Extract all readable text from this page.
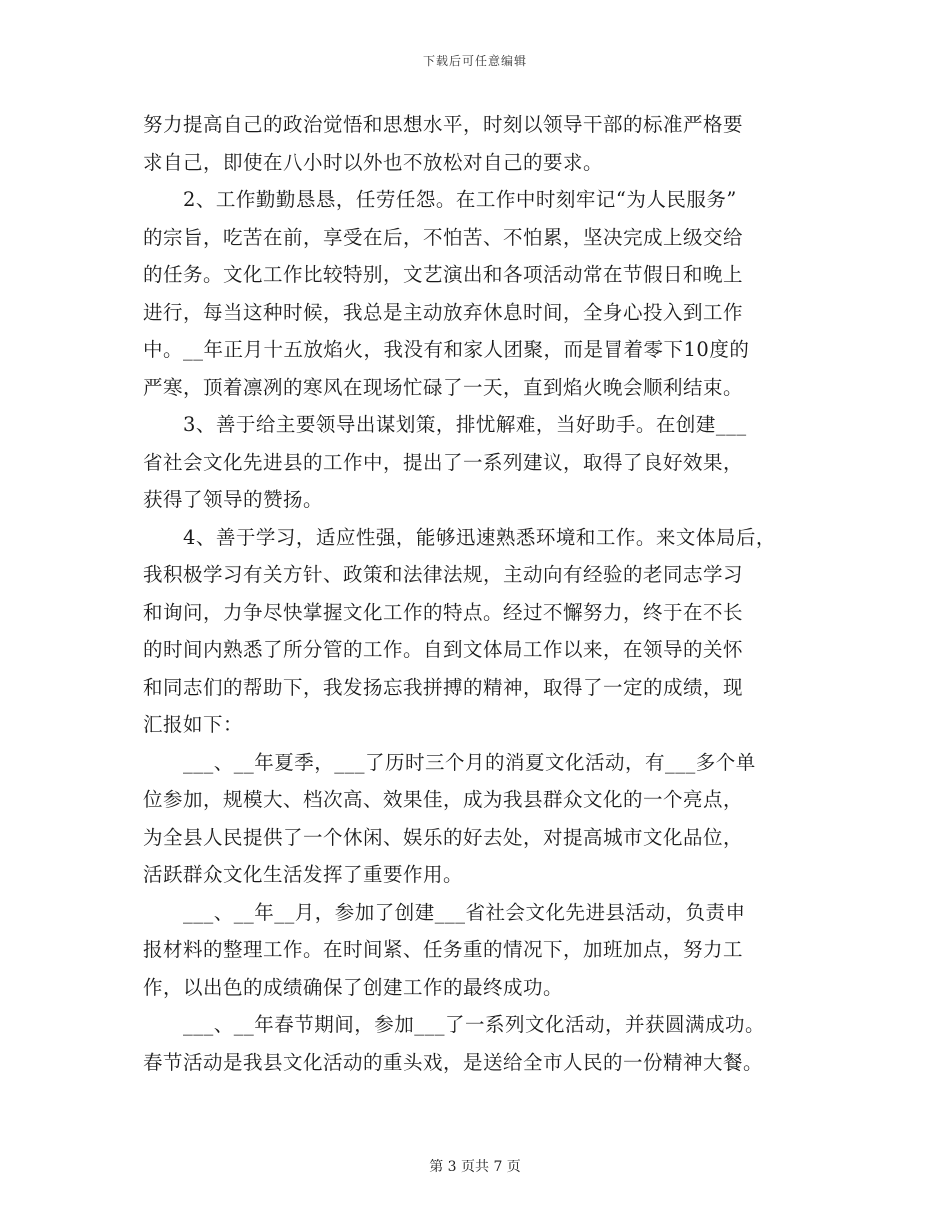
下载后可任意编辑
努力提高自己的政治觉悟和思想水平，时刻以领导干部的标准严格要
求自己，即使在八小时以外也不放松对自己的要求。
　　2、工作勤勤恳恳，任劳任怨。在工作中时刻牢记“为人民服务”
的宗旨，吃苦在前，享受在后，不怕苦、不怕累，坚决完成上级交给
的任务。文化工作比较特别，文艺演出和各项活动常在节假日和晚上
进行，每当这种时候，我总是主动放弃休息时间，全身心投入到工作
中。__年正月十五放焰火，我没有和家人团聚，而是冒着零下10度的
严寒，顶着凛冽的寒风在现场忙碌了一天，直到焰火晚会顺利结束。
　　3、善于给主要领导出谋划策，排忧解难，当好助手。在创建___
省社会文化先进县的工作中，提出了一系列建议，取得了良好效果，
获得了领导的赞扬。
　　4、善于学习，适应性强，能够迅速熟悉环境和工作。来文体局后，
我积极学习有关方针、政策和法律法规，主动向有经验的老同志学习
和询问，力争尽快掌握文化工作的特点。经过不懈努力，终于在不长
的时间内熟悉了所分管的工作。自到文体局工作以来，在领导的关怀
和同志们的帮助下，我发扬忘我拼搏的精神，取得了一定的成绩，现
汇报如下：
　　___、__年夏季，___了历时三个月的消夏文化活动，有___多个单
位参加，规模大、档次高、效果佳，成为我县群众文化的一个亮点，
为全县人民提供了一个休闲、娱乐的好去处，对提高城市文化品位，
活跃群众文化生活发挥了重要作用。
　　___、__年__月，参加了创建___省社会文化先进县活动，负责申
报材料的整理工作。在时间紧、任务重的情况下，加班加点，努力工
作，以出色的成绩确保了创建工作的最终成功。
　　___、__年春节期间，参加___了一系列文化活动，并获圆满成功。
春节活动是我县文化活动的重头戏，是送给全市人民的一份精神大餐。
第 3 页共 7 页
